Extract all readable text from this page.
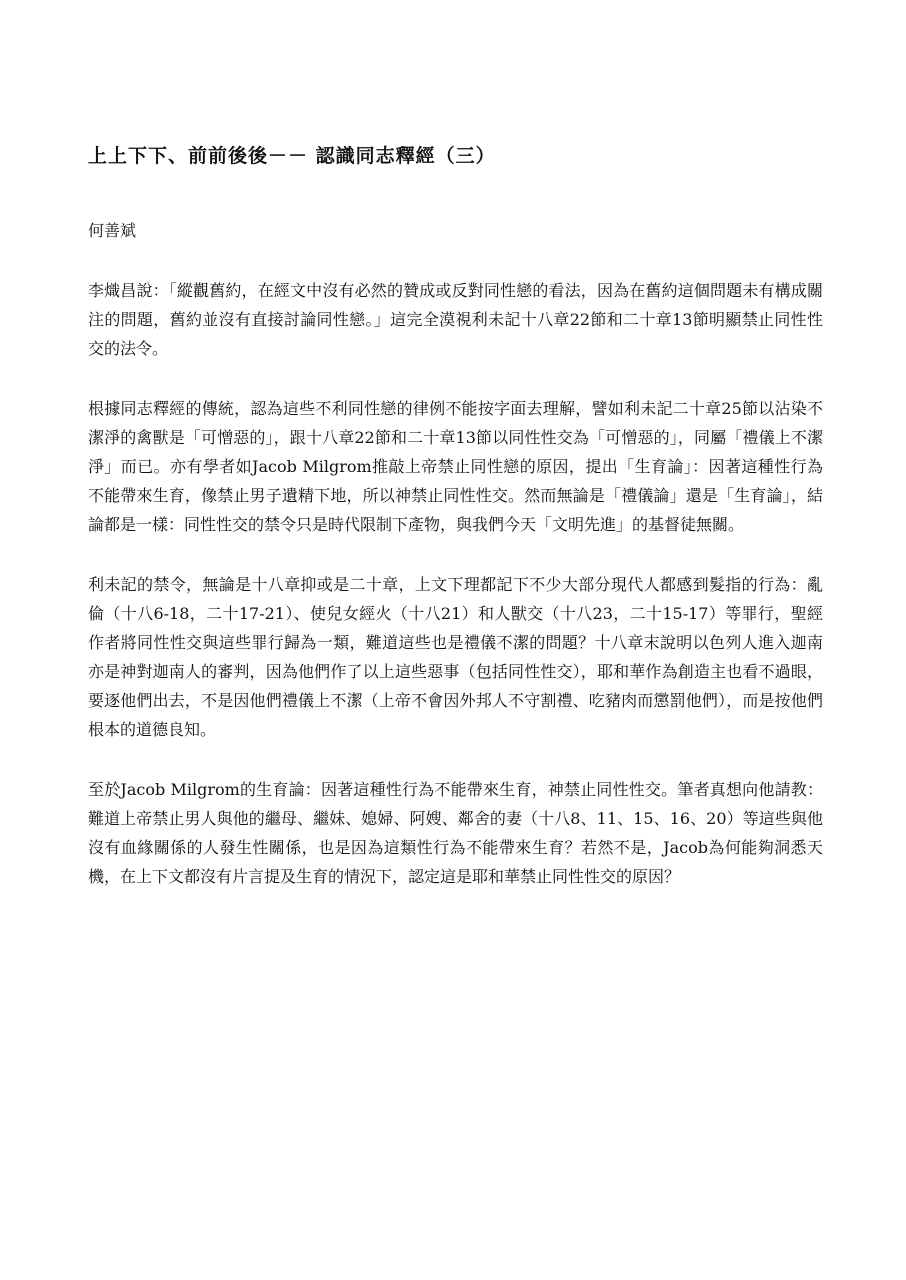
上上下下、前前後後－－ 認識同志釋經（三）

何善斌

李熾昌說：「縱觀舊約，在經文中沒有必然的贊成或反對同性戀的看法，因為在舊約這個問題未有構成關注的問題，舊約並沒有直接討論同性戀。」這完全漠視利未記十八章22節和二十章13節明顯禁止同性性交的法令。

根據同志釋經的傳統，認為這些不利同性戀的律例不能按字面去理解，譬如利未記二十章25節以沾染不潔淨的禽獸是「可憎惡的」，跟十八章22節和二十章13節以同性性交為「可憎惡的」，同屬「禮儀上不潔淨」而已。亦有學者如Jacob Milgrom推敲上帝禁止同性戀的原因，提出「生育論」：因著這種性行為不能帶來生育，像禁止男子遺精下地，所以神禁止同性性交。然而無論是「禮儀論」還是「生育論」，結論都是一樣：同性性交的禁令只是時代限制下產物，與我們今天「文明先進」的基督徒無關。

利未記的禁令，無論是十八章抑或是二十章，上文下理都記下不少大部分現代人都感到髮指的行為：亂倫（十八6-18，二十17-21）、使兒女經火（十八21）和人獸交（十八23，二十15-17）等罪行，聖經作者將同性性交與這些罪行歸為一類，難道這些也是禮儀不潔的問題？十八章末說明以色列人進入迦南亦是神對迦南人的審判，因為他們作了以上這些惡事（包括同性性交），耶和華作為創造主也看不過眼，要逐他們出去，不是因他們禮儀上不潔（上帝不會因外邦人不守割禮、吃豬肉而懲罰他們），而是按他們根本的道德良知。

至於Jacob Milgrom的生育論：因著這種性行為不能帶來生育，神禁止同性性交。筆者真想向他請教：難道上帝禁止男人與他的繼母、繼妹、媳婦、阿嫂、鄰舍的妻（十八8、11、15、16、20）等這些與他沒有血緣關係的人發生性關係，也是因為這類性行為不能帶來生育？若然不是，Jacob為何能夠洞悉天機，在上下文都沒有片言提及生育的情況下，認定這是耶和華禁止同性性交的原因？
